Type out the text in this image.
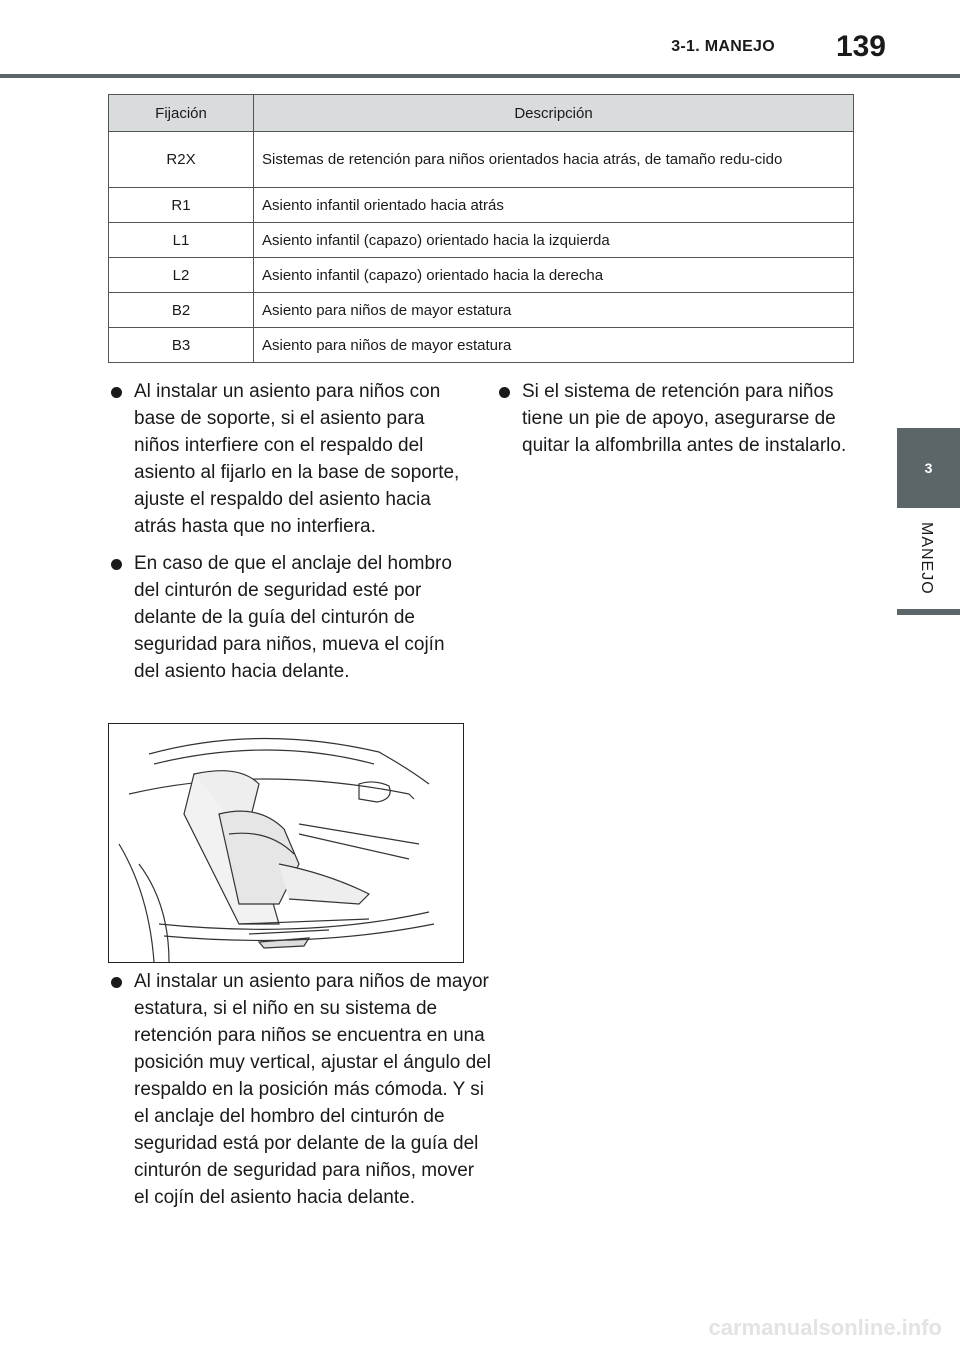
3-1. MANEJO 139
3
MANEJO
Fijación	Descripción
R2X	Sistemas de retención para niños orientados hacia atrás, de tamaño redu-cido
R1	Asiento infantil orientado hacia atrás
L1	Asiento infantil (capazo) orientado hacia la izquierda
L2	Asiento infantil (capazo) orientado hacia la derecha
B2	Asiento para niños de mayor estatura
B3	Asiento para niños de mayor estatura
Al instalar un asiento para niños con base de soporte, si el asiento para niños interfiere con el respaldo del asiento al fijarlo en la base de soporte, ajuste el respaldo del asiento hacia atrás hasta que no interfiera.
En caso de que el anclaje del hombro del cinturón de seguridad esté por delante de la guía del cinturón de seguridad para niños, mueva el cojín del asiento hacia delante.
Si el sistema de retención para niños tiene un pie de apoyo, asegurarse de quitar la alfombrilla antes de instalarlo.
Al instalar un asiento para niños de mayor estatura, si el niño en su sistema de retención para niños se encuentra en una posición muy vertical, ajustar el ángulo del respaldo en la posición más cómoda. Y si el anclaje del hombro del cinturón de seguridad está por delante de la guía del cinturón de seguridad para niños, mover el cojín del asiento hacia delante.
carmanualsonline.info
